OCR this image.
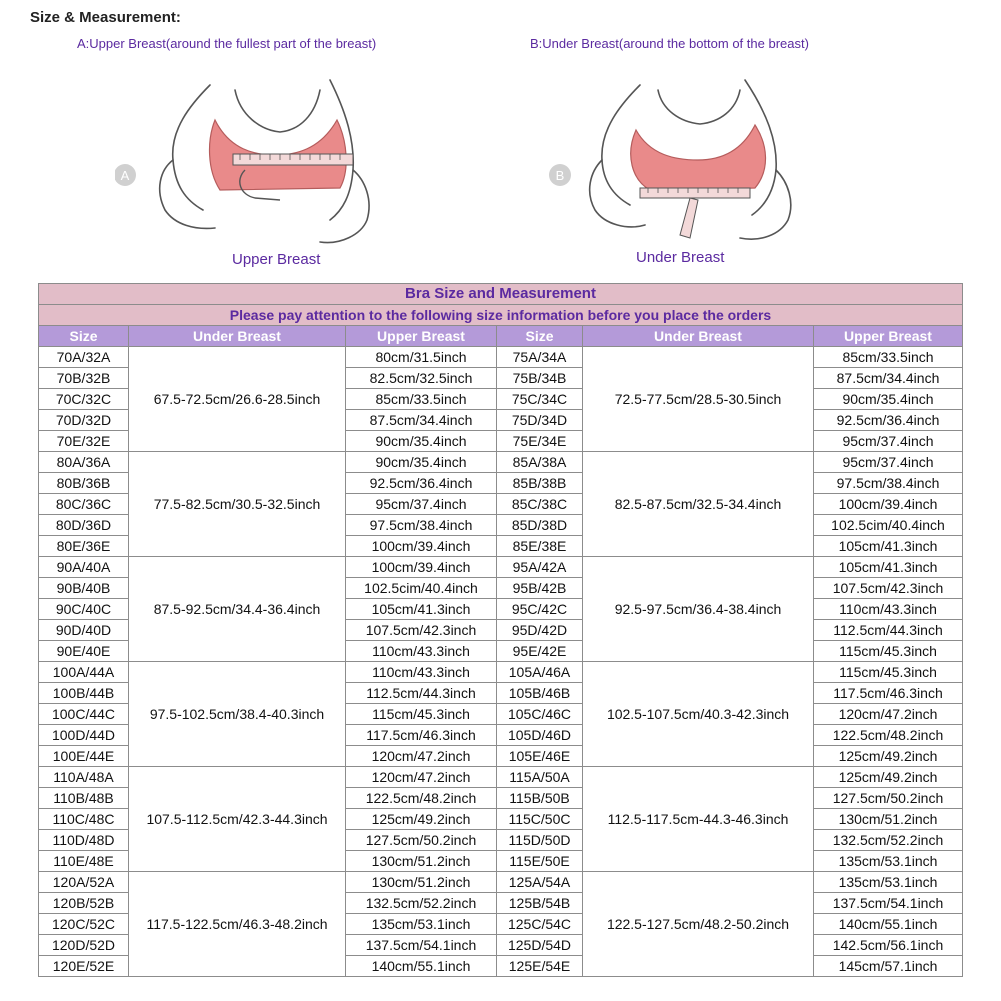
Size & Measurement:
A:Upper Breast(around the fullest part of the breast)	B:Under Breast(around the bottom of the breast)
A
Upper Breast
B
Under Breast
Bra Size and Measurement					
Please pay attention to the following size information before you place the orders					
Size	Under Breast	Upper Breast	Size	Under Breast	Upper Breast
70A/32A	67.5-72.5cm/26.6-28.5inch	80cm/31.5inch	75A/34A	72.5-77.5cm/28.5-30.5inch	85cm/33.5inch
70B/32B		82.5cm/32.5inch	75B/34B		87.5cm/34.4inch
70C/32C		85cm/33.5inch	75C/34C		90cm/35.4inch
70D/32D		87.5cm/34.4inch	75D/34D		92.5cm/36.4inch
70E/32E		90cm/35.4inch	75E/34E		95cm/37.4inch
80A/36A	77.5-82.5cm/30.5-32.5inch	90cm/35.4inch	85A/38A	82.5-87.5cm/32.5-34.4inch	95cm/37.4inch
80B/36B		92.5cm/36.4inch	85B/38B		97.5cm/38.4inch
80C/36C		95cm/37.4inch	85C/38C		100cm/39.4inch
80D/36D		97.5cm/38.4inch	85D/38D		102.5cim/40.4inch
80E/36E		100cm/39.4inch	85E/38E		105cm/41.3inch
90A/40A	87.5-92.5cm/34.4-36.4inch	100cm/39.4inch	95A/42A	92.5-97.5cm/36.4-38.4inch	105cm/41.3inch
90B/40B		102.5cim/40.4inch	95B/42B		107.5cm/42.3inch
90C/40C		105cm/41.3inch	95C/42C		110cm/43.3inch
90D/40D		107.5cm/42.3inch	95D/42D		112.5cm/44.3inch
90E/40E		110cm/43.3inch	95E/42E		115cm/45.3inch
100A/44A	97.5-102.5cm/38.4-40.3inch	110cm/43.3inch	105A/46A	102.5-107.5cm/40.3-42.3inch	115cm/45.3inch
100B/44B		112.5cm/44.3inch	105B/46B		117.5cm/46.3inch
100C/44C		115cm/45.3inch	105C/46C		120cm/47.2inch
100D/44D		117.5cm/46.3inch	105D/46D		122.5cm/48.2inch
100E/44E		120cm/47.2inch	105E/46E		125cm/49.2inch
110A/48A	107.5-112.5cm/42.3-44.3inch	120cm/47.2inch	115A/50A	112.5-117.5cm-44.3-46.3inch	125cm/49.2inch
110B/48B		122.5cm/48.2inch	115B/50B		127.5cm/50.2inch
110C/48C		125cm/49.2inch	115C/50C		130cm/51.2inch
110D/48D		127.5cm/50.2inch	115D/50D		132.5cm/52.2inch
110E/48E		130cm/51.2inch	115E/50E		135cm/53.1inch
120A/52A	117.5-122.5cm/46.3-48.2inch	130cm/51.2inch	125A/54A	122.5-127.5cm/48.2-50.2inch	135cm/53.1inch
120B/52B		132.5cm/52.2inch	125B/54B		137.5cm/54.1inch
120C/52C		135cm/53.1inch	125C/54C		140cm/55.1inch
120D/52D		137.5cm/54.1inch	125D/54D		142.5cm/56.1inch
120E/52E		140cm/55.1inch	125E/54E		145cm/57.1inch
